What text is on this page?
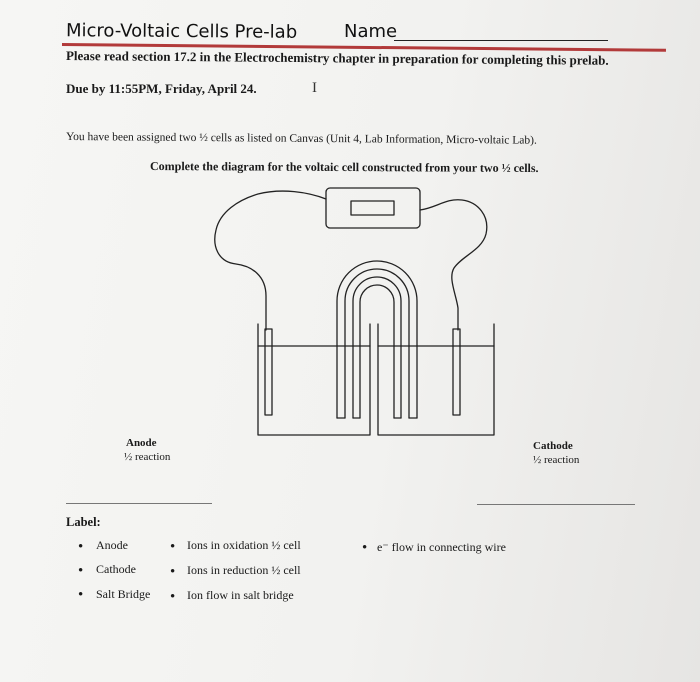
Micro-Voltaic Cells Pre-lab	Name
Please read section 17.2 in the Electrochemistry chapter in preparation for completing this prelab.
Due by 11:55PM, Friday, April 24.	I
You have been assigned two ½ cells as listed on Canvas (Unit 4, Lab Information, Micro-voltaic Lab).
Complete the diagram for the voltaic cell constructed from your two ½ cells.
Anode
½ reaction
Cathode
½ reaction
Label:
• Anode
• Cathode
• Salt Bridge
• Ions in oxidation ½ cell
• Ions in reduction ½ cell
• Ion flow in salt bridge
• e⁻ flow in connecting wire
